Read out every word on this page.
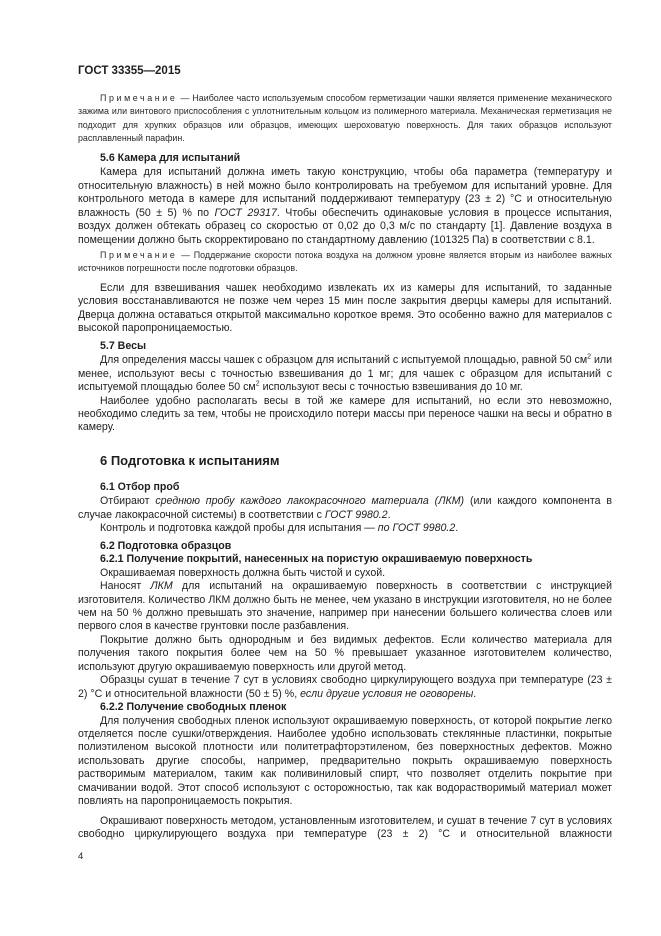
ГОСТ 33355—2015

Примечание — Наиболее часто используемым способом герметизации чашки является применение механического зажима или винтового приспособления с уплотнительным кольцом из полимерного материала. Механическая герметизация не подходит для хрупких образцов или образцов, имеющих шероховатую поверхность. Для таких образцов используют расплавленный парафин.

5.6 Камера для испытаний

Камера для испытаний должна иметь такую конструкцию, чтобы оба параметра (температуру и относительную влажность) в ней можно было контролировать на требуемом для испытаний уровне. Для контрольного метода в камере для испытаний поддерживают температуру (23 ± 2) °С и относительную влажность (50 ± 5) % по ГОСТ 29317. Чтобы обеспечить одинаковые условия в процессе испытания, воздух должен обтекать образец со скоростью от 0,02 до 0,3 м/с по стандарту [1]. Давление воздуха в помещении должно быть скорректировано по стандартному давлению (101325 Па) в соответствии с 8.1.

Примечание — Поддержание скорости потока воздуха на должном уровне является вторым из наиболее важных источников погрешности после подготовки образцов.

Если для взвешивания чашек необходимо извлекать их из камеры для испытаний, то заданные условия восстанавливаются не позже чем через 15 мин после закрытия дверцы камеры для испытаний. Дверца должна оставаться открытой максимально короткое время. Это особенно важно для материалов с высокой паропроницаемостью.

5.7 Весы

Для определения массы чашек с образцом для испытаний с испытуемой площадью, равной 50 $см^2$ или менее, используют весы с точностью взвешивания до 1 мг; для чашек с образцом для испытаний с испытуемой площадью более 50 $см^2$ используют весы с точностью взвешивания до 10 мг.

Наиболее удобно располагать весы в той же камере для испытаний, но если это невозможно, необходимо следить за тем, чтобы не происходило потери массы при переносе чашки на весы и обратно в камеру.

6 Подготовка к испытаниям

6.1 Отбор проб

Отбирают среднюю пробу каждого лакокрасочного материала (ЛКМ) (или каждого компонента в случае лакокрасочной системы) в соответствии с ГОСТ 9980.2.

Контроль и подготовка каждой пробы для испытания — по ГОСТ 9980.2.

6.2 Подготовка образцов

6.2.1 Получение покрытий, нанесенных на пористую окрашиваемую поверхность

Окрашиваемая поверхность должна быть чистой и сухой.

Наносят ЛКМ для испытаний на окрашиваемую поверхность в соответствии с инструкцией изготовителя. Количество ЛКМ должно быть не менее, чем указано в инструкции изготовителя, но не более чем на 50 % должно превышать это значение, например при нанесении большего количества слоев или первого слоя в качестве грунтовки после разбавления.

Покрытие должно быть однородным и без видимых дефектов. Если количество материала для получения такого покрытия более чем на 50 % превышает указанное изготовителем количество, используют другую окрашиваемую поверхность или другой метод.

Образцы сушат в течение 7 сут в условиях свободно циркулирующего воздуха при температуре (23 ± 2) °С и относительной влажности (50 ± 5) %, если другие условия не оговорены.

6.2.2 Получение свободных пленок

Для получения свободных пленок используют окрашиваемую поверхность, от которой покрытие легко отделяется после сушки/отверждения. Наиболее удобно использовать стеклянные пластинки, покрытые полиэтиленом высокой плотности или политетрафторэтиленом, без поверхностных дефектов. Можно использовать другие способы, например, предварительно покрыть окрашиваемую поверхность растворимым материалом, таким как поливиниловый спирт, что позволяет отделить покрытие при смачивании водой. Этот способ используют с осторожностью, так как водорастворимый материал может повлиять на паропроницаемость покрытия.

Окрашивают поверхность методом, установленным изготовителем, и сушат в течение 7 сут в условиях свободно циркулирующего воздуха при температуре (23 ± 2) °С и относительной влажности

4
